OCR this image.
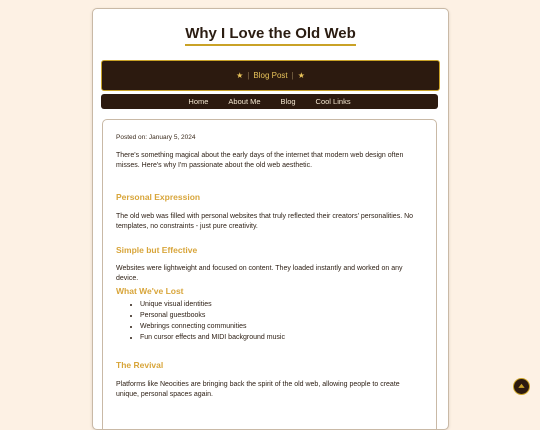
Why I Love the Old Web
★ | Blog Post | ★
Home	About Me	Blog	Cool Links
Posted on: January 5, 2024
There's something magical about the early days of the internet that modern web design often misses. Here's why I'm passionate about the old web aesthetic.
Personal Expression
The old web was filled with personal websites that truly reflected their creators' personalities. No templates, no constraints - just pure creativity.
Simple but Effective
Websites were lightweight and focused on content. They loaded instantly and worked on any device.
What We've Lost
• Unique visual identities
• Personal guestbooks
• Webrings connecting communities
• Fun cursor effects and MIDI background music
The Revival
Platforms like Neocities are bringing back the spirit of the old web, allowing people to create unique, personal spaces again.
